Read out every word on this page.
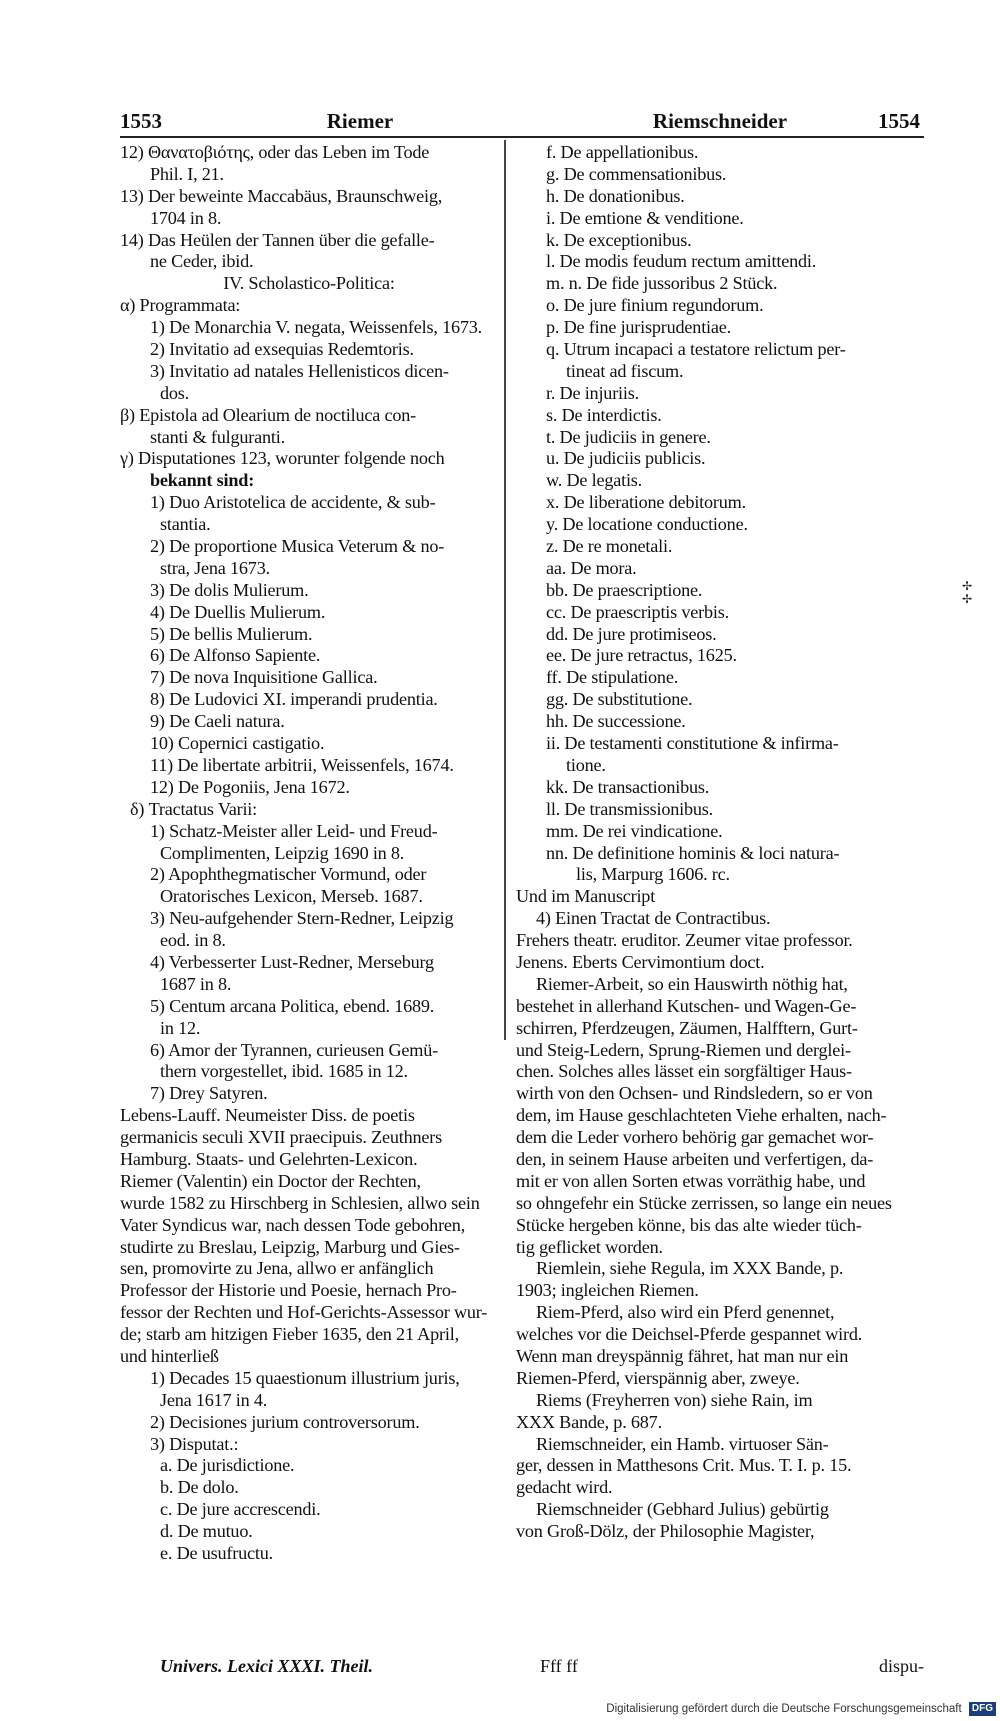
1553	Riemer	Riemschneider	1554
12) Θανατοβιότης, oder das Leben im Tode
Phil. I, 21.
13) Der beweinte Maccabäus, Braunschweig,
1704 in 8.
14) Das Heülen der Tannen über die gefalle-
ne Ceder, ibid.
IV. Scholastico-Politica:
α) Programmata:
1) De Monarchia V. negata, Weissenfels, 1673.
2) Invitatio ad exsequias Redemtoris.
3) Invitatio ad natales Hellenisticos dicen-
dos.
β) Epistola ad Olearium de noctiluca con-
stanti & fulguranti.
γ) Disputationes 123, worunter folgende noch
bekannt sind:
1) Duo Aristotelica de accidente, & sub-
stantia.
2) De proportione Musica Veterum & no-
stra, Jena 1673.
3) De dolis Mulierum.
4) De Duellis Mulierum.
5) De bellis Mulierum.
6) De Alfonso Sapiente.
7) De nova Inquisitione Gallica.
8) De Ludovici XI. imperandi prudentia.
9) De Caeli natura.
10) Copernici castigatio.
11) De libertate arbitrii, Weissenfels, 1674.
12) De Pogoniis, Jena 1672.
δ) Tractatus Varii:
1) Schatz-Meister aller Leid- und Freud-
Complimenten, Leipzig 1690 in 8.
2) Apophthegmatischer Vormund, oder
Oratorisches Lexicon, Merseb. 1687.
3) Neu-aufgehender Stern-Redner, Leipzig
eod. in 8.
4) Verbesserter Lust-Redner, Merseburg
1687 in 8.
5) Centum arcana Politica, ebend. 1689.
in 12.
6) Amor der Tyrannen, curieusen Gemü-
thern vorgestellet, ibid. 1685 in 12.
7) Drey Satyren.
Lebens-Lauff. Neumeister Diss. de poetis
germanicis seculi XVII praecipuis. Zeuthners
Hamburg. Staats- und Gelehrten-Lexicon.
Riemer (Valentin) ein Doctor der Rechten,
wurde 1582 zu Hirschberg in Schlesien, allwo sein
Vater Syndicus war, nach dessen Tode gebohren,
studirte zu Breslau, Leipzig, Marburg und Gies-
sen, promovirte zu Jena, allwo er anfänglich
Professor der Historie und Poesie, hernach Pro-
fessor der Rechten und Hof-Gerichts-Assessor wur-
de; starb am hitzigen Fieber 1635, den 21 April,
und hinterließ
1) Decades 15 quaestionum illustrium juris,
Jena 1617 in 4.
2) Decisiones jurium controversorum.
3) Disputat.:
a. De jurisdictione.
b. De dolo.
c. De jure accrescendi.
d. De mutuo.
e. De usufructu.
f. De appellationibus.
g. De commensationibus.
h. De donationibus.
i. De emtione & venditione.
k. De exceptionibus.
l. De modis feudum rectum amittendi.
m. n. De fide jussoribus 2 Stück.
o. De jure finium regundorum.
p. De fine jurisprudentiae.
q. Utrum incapaci a testatore relictum per-
tineat ad fiscum.
r. De injuriis.
s. De interdictis.
t. De judiciis in genere.
u. De judiciis publicis.
w. De legatis.
x. De liberatione debitorum.
y. De locatione conductione.
z. De re monetali.
aa. De mora.
bb. De praescriptione.
cc. De praescriptis verbis.
dd. De jure protimiseos.
ee. De jure retractus, 1625.
ff. De stipulatione.
gg. De substitutione.
hh. De successione.
ii. De testamenti constitutione & infirma-
tione.
kk. De transactionibus.
ll. De transmissionibus.
mm. De rei vindicatione.
nn. De definitione hominis & loci natura-
lis, Marpurg 1606. rc.
Und im Manuscript
4) Einen Tractat de Contractibus.
Frehers theatr. eruditor. Zeumer vitae professor.
Jenens. Eberts Cervimontium doct.
Riemer-Arbeit, so ein Hauswirth nöthig hat,
bestehet in allerhand Kutschen- und Wagen-Ge-
schirren, Pferdzeugen, Zäumen, Halfftern, Gurt-
und Steig-Ledern, Sprung-Riemen und derglei-
chen. Solches alles lässet ein sorgfältiger Haus-
wirth von den Ochsen- und Rindsledern, so er von
dem, im Hause geschlachteten Viehe erhalten, nach-
dem die Leder vorhero behörig gar gemachet wor-
den, in seinem Hause arbeiten und verfertigen, da-
mit er von allen Sorten etwas vorräthig habe, und
so ohngefehr ein Stücke zerrissen, so lange ein neues
Stücke hergeben könne, bis das alte wieder tüch-
tig geflicket worden.
Riemlein, siehe Regula, im XXX Bande, p.
1903; ingleichen Riemen.
Riem-Pferd, also wird ein Pferd genennet,
welches vor die Deichsel-Pferde gespannet wird.
Wenn man dreyspännig fähret, hat man nur ein
Riemen-Pferd, vierspännig aber, zweye.
Riems (Freyherren von) siehe Rain, im
XXX Bande, p. 687.
Riemschneider, ein Hamb. virtuoser Sän-
ger, dessen in Matthesons Crit. Mus. T. I. p. 15.
gedacht wird.
Riemschneider (Gebhard Julius) gebürtig
von Groß-Dölz, der Philosophie Magister,
✢
✢
Univers. Lexici XXXI. Theil.	Fff ff	dispu-
Digitalisierung gefördert durch die Deutsche Forschungsgemeinschaft DFG
